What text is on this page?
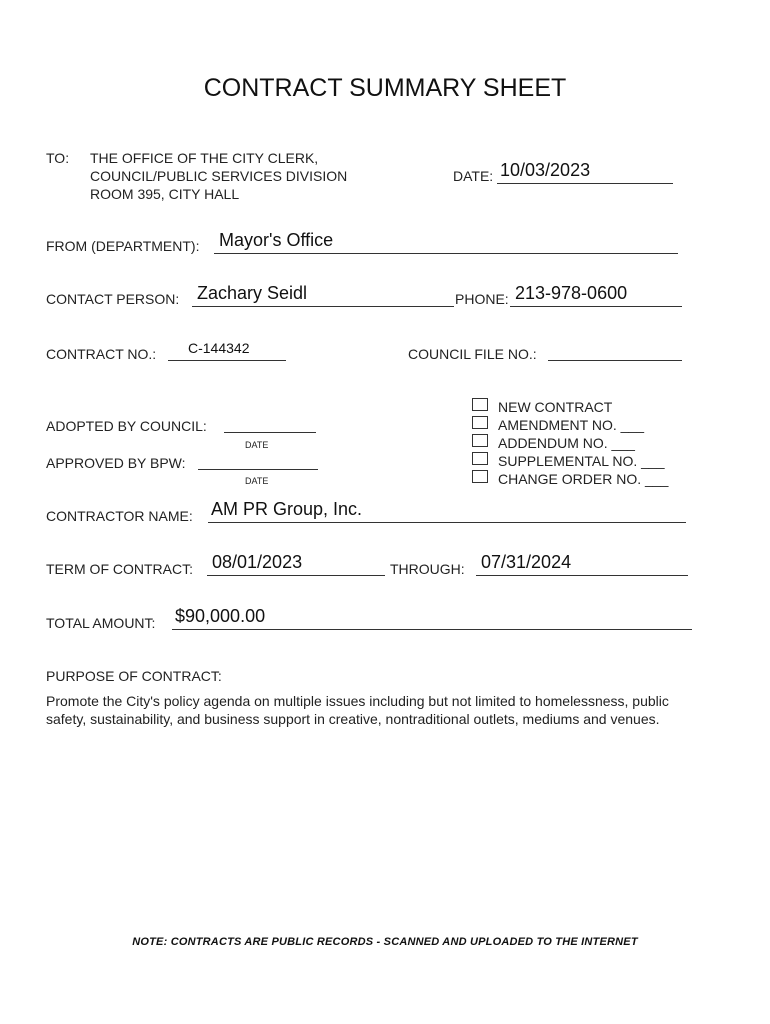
CONTRACT SUMMARY SHEET
TO: THE OFFICE OF THE CITY CLERK,
COUNCIL/PUBLIC SERVICES DIVISION
ROOM 395, CITY HALL
DATE: 10/03/2023
FROM (DEPARTMENT): Mayor's Office
CONTACT PERSON: Zachary Seidl	PHONE: 213-978-0600
CONTRACT NO.: C-144342	COUNCIL FILE NO.:
ADOPTED BY COUNCIL:
DATE
APPROVED BY BPW:
DATE
NEW CONTRACT
AMENDMENT NO. ___
ADDENDUM NO. ___
SUPPLEMENTAL NO. ___
CHANGE ORDER NO. ___
CONTRACTOR NAME: AM PR Group, Inc.
TERM OF CONTRACT: 08/01/2023	THROUGH: 07/31/2024
TOTAL AMOUNT: $90,000.00
PURPOSE OF CONTRACT:
Promote the City's policy agenda on multiple issues including but not limited to homelessness, public safety, sustainability, and business support in creative, nontraditional outlets, mediums and venues.
NOTE: CONTRACTS ARE PUBLIC RECORDS - SCANNED AND UPLOADED TO THE INTERNET
